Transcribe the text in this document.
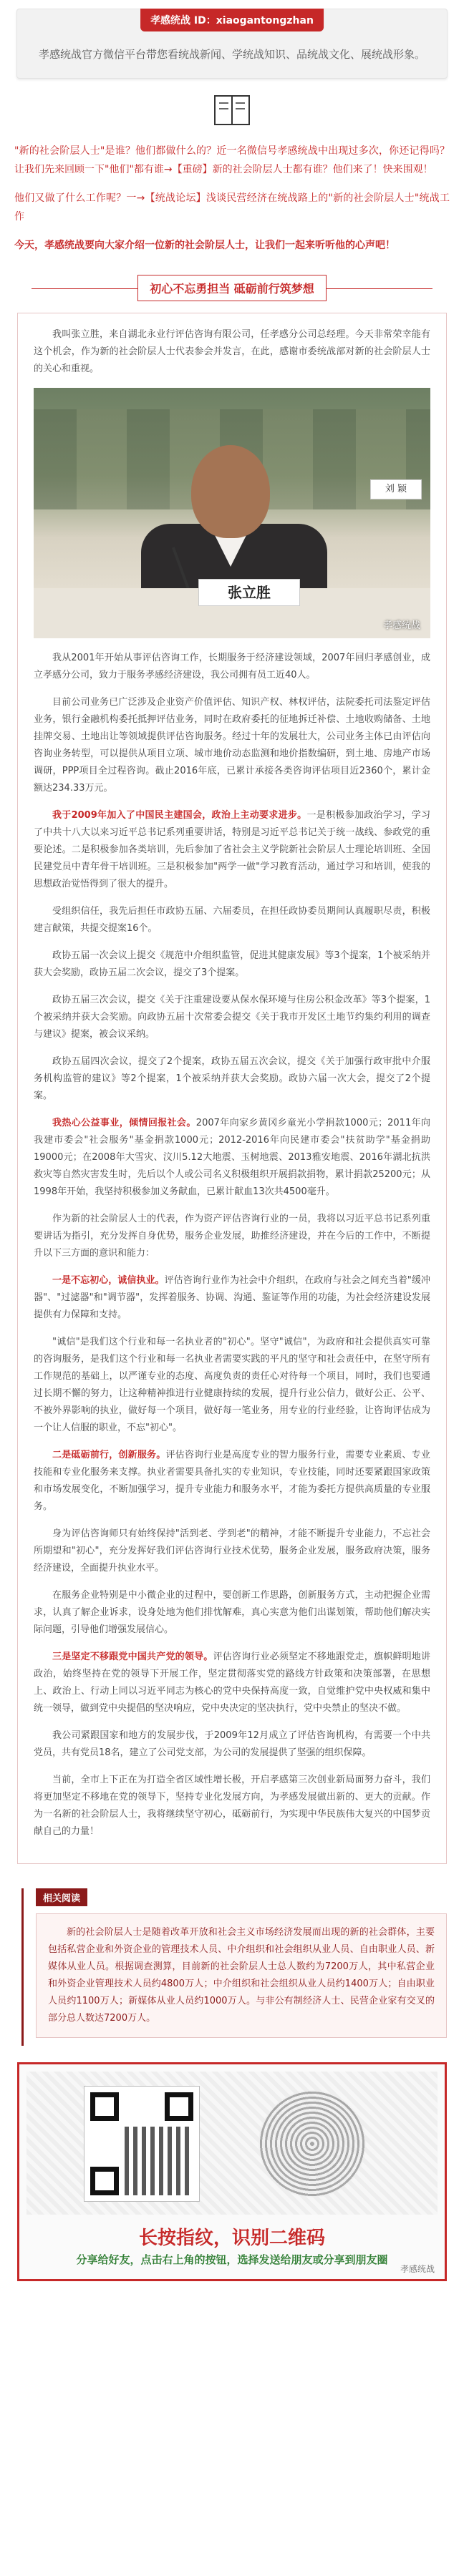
孝感统战 ID：xiaogantongzhan
孝感统战官方微信平台带您看统战新闻、学统战知识、品统战文化、展统战形象。

"新的社会阶层人士"是谁？他们都做什么的？近一名微信号孝感统战中出现过多次，你还记得吗？让我们先来回顾一下"他们"都有谁→【重磅】新的社会阶层人士都有谁？他们来了！快来围观！

他们又做了什么工作呢？一→【统战论坛】浅谈民营经济在统战路上的"新的社会阶层人士"统战工作

今天，孝感统战要向大家介绍一位新的社会阶层人士，让我们一起来听听他的心声吧！

初心不忘勇担当 砥砺前行筑梦想

我叫张立胜，来自湖北永业行评估咨询有限公司，任孝感分公司总经理。今天非常荣幸能有这个机会，作为新的社会阶层人士代表参会并发言，在此，感谢市委统战部对新的社会阶层人士的关心和重视。

张立胜
刘 颖
孝感统战

我从2001年开始从事评估咨询工作，长期服务于经济建设领域，2007年回归孝感创业，成立孝感分公司，致力于服务孝感经济建设，我公司拥有员工近40人。

目前公司业务已广泛涉及企业资产价值评估、知识产权、林权评估，法院委托司法鉴定评估业务，银行金融机构委托抵押评估业务，同时在政府委托的征地拆迁补偿、土地收购储备、土地挂牌交易、土地出让等领域提供评估咨询服务。经过十年的发展壮大，公司业务主体已由评估向咨询业务转型，可以提供从项目立项、城市地价动态监测和地价指数编研，到土地、房地产市场调研，PPP项目全过程咨询。截止2016年底，已累计承接各类咨询评估项目近2360个，累计金额达234.33万元。

我于2009年加入了中国民主建国会，政治上主动要求进步。一是积极参加政治学习，学习了中共十八大以来习近平总书记系列重要讲话，特别是习近平总书记关于统一战线、参政党的重要论述。二是积极参加各类培训，先后参加了省社会主义学院新社会阶层人士理论培训班、全国民建党员中青年骨干培训班。三是积极参加"两学一做"学习教育活动，通过学习和培训，使我的思想政治觉悟得到了很大的提升。

受组织信任，我先后担任市政协五届、六届委员，在担任政协委员期间认真履职尽责，积极建言献策，共提交提案16个。

政协五届一次会议上提交《规范中介组织监管，促进其健康发展》等3个提案，1个被采纳并获大会奖励，政协五届二次会议，提交了3个提案。

政协五届三次会议，提交《关于注重建设要从保水保环境与住房公积金改革》等3个提案，1个被采纳并获大会奖励。向政协五届十次常委会提交《关于我市开发区土地节约集约利用的调查与建议》提案，被会议采纳。

政协五届四次会议，提交了2个提案，政协五届五次会议，提交《关于加强行政审批中介服务机构监管的建议》等2个提案，1个被采纳并获大会奖励。政协六届一次大会，提交了2个提案。

我热心公益事业，倾情回报社会。2007年向家乡黄冈乡童光小学捐款1000元；2011年向我建市委会"社会服务"基金捐款1000元；2012-2016年向民建市委会"扶贫助学"基金捐助19000元；在2008年大雪灾、汶川5.12大地震、玉树地震、2013雅安地震、2016年湖北抗洪救灾等自然灾害发生时，先后以个人或公司名义积极组织开展捐款捐物，累计捐款25200元；从1998年开始，我坚持积极参加义务献血，已累计献血13次共4500毫升。

作为新的社会阶层人士的代表，作为资产评估咨询行业的一员，我将以习近平总书记系列重要讲话为指引，充分发挥自身优势，服务企业发展，助推经济建设，并在今后的工作中，不断提升以下三方面的意识和能力：

一是不忘初心，诚信执业。评估咨询行业作为社会中介组织，在政府与社会之间充当着"缓冲器"、"过滤器"和"调节器"，发挥着服务、协调、沟通、鉴证等作用的功能，为社会经济建设发展提供有力保障和支持。

"诚信"是我们这个行业和每一名执业者的"初心"。坚守"诚信"，为政府和社会提供真实可靠的咨询服务，是我们这个行业和每一名执业者需要实践的平凡的坚守和社会责任中，在坚守所有工作规范的基础上，以严谨专业的态度、高度负责的责任心对待每一个项目，同时，我们也要通过长期不懈的努力，让这种精神推进行业健康持续的发展，提升行业公信力，做好公正、公平、不被外界影响的执业，做好每一个项目，做好每一笔业务，用专业的行业经验，让咨询评估成为一个让人信服的职业，不忘"初心"。

二是砥砺前行，创新服务。评估咨询行业是高度专业的智力服务行业，需要专业素质、专业技能和专业化服务来支撑。执业者需要具备扎实的专业知识，专业技能，同时还要紧跟国家政策和市场发展变化，不断加强学习，提升专业能力和服务水平，才能为委托方提供高质量的专业服务。

身为评估咨询师只有始终保持"活到老、学到老"的精神，才能不断提升专业能力，不忘社会所期望和"初心"，充分发挥好我们评估咨询行业技术优势，服务企业发展，服务政府决策，服务经济建设，全面提升执业水平。

在服务企业特别是中小微企业的过程中，要创新工作思路，创新服务方式，主动把握企业需求，认真了解企业诉求，设身处地为他们排忧解难，真心实意为他们出谋划策，帮助他们解决实际问题，引导他们增强发展信心。

三是坚定不移跟党中国共产党的领导。评估咨询行业必须坚定不移地跟党走，旗帜鲜明地讲政治，始终坚持在党的领导下开展工作，坚定贯彻落实党的路线方针政策和决策部署，在思想上、政治上、行动上同以习近平同志为核心的党中央保持高度一致，自觉维护党中央权威和集中统一领导，做到党中央提倡的坚决响应，党中央决定的坚决执行，党中央禁止的坚决不做。

我公司紧跟国家和地方的发展步伐，于2009年12月成立了评估咨询机构，有需要一个中共党员，共有党员18名，建立了公司党支部，为公司的发展提供了坚强的组织保障。

当前，全市上下正在为打造全省区域性增长极，开启孝感第三次创业新局面努力奋斗，我们将更加坚定不移地在党的领导下，坚持专业化发展方向，为孝感发展做出新的、更大的贡献。作为一名新的社会阶层人士，我将继续坚守初心，砥砺前行，为实现中华民族伟大复兴的中国梦贡献自己的力量！

相关阅读

新的社会阶层人士是随着改革开放和社会主义市场经济发展而出现的新的社会群体，主要包括私营企业和外资企业的管理技术人员、中介组织和社会组织从业人员、自由职业人员、新媒体从业人员。根据调查测算，目前新的社会阶层人士总人数约为7200万人，其中私营企业和外资企业管理技术人员约4800万人；中介组织和社会组织从业人员约1400万人；自由职业人员约1100万人；新媒体从业人员约1000万人。与非公有制经济人士、民营企业家有交叉的部分总人数达7200万人。

长按指纹，识别二维码
分享给好友，点击右上角的按钮，选择发送给朋友或分享到朋友圈
孝感统战
